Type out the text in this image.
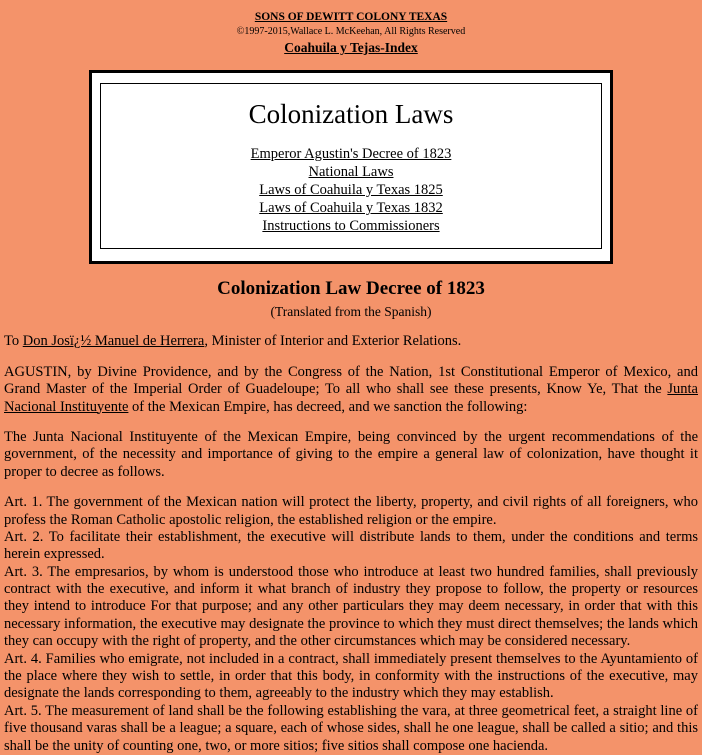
SONS OF DEWITT COLONY TEXAS
©1997-2015,Wallace L. McKeehan, All Rights Reserved
Coahuila y Tejas-Index
Colonization Laws
Emperor Agustin's Decree of 1823
National Laws
Laws of Coahuila y Texas 1825
Laws of Coahuila y Texas 1832
Instructions to Commissioners
Colonization Law Decree of 1823
(Translated from the Spanish)

To Don Josï¿½ Manuel de Herrera, Minister of Interior and Exterior Relations.

AGUSTIN, by Divine Providence, and by the Congress of the Nation, 1st Constitutional Emperor of Mexico, and Grand Master of the Imperial Order of Guadeloupe; To all who shall see these presents, Know Ye, That the Junta Nacional Instituyente of the Mexican Empire, has decreed, and we sanction the following:

The Junta Nacional Instituyente of the Mexican Empire, being convinced by the urgent recommendations of the government, of the necessity and importance of giving to the empire a general law of colonization, have thought it proper to decree as follows.

Art. 1. The government of the Mexican nation will protect the liberty, property, and civil rights of all foreigners, who profess the Roman Catholic apostolic religion, the established religion or the empire.

Art. 2. To facilitate their establishment, the executive will distribute lands to them, under the conditions and terms herein expressed.

Art. 3. The empresarios, by whom is understood those who introduce at least two hundred families, shall previously contract with the executive, and inform it what branch of industry they propose to follow, the property or resources they intend to introduce For that purpose; and any other particulars they may deem necessary, in order that with this necessary information, the executive may designate the province to which they must direct themselves; the lands which they can occupy with the right of property, and the other circumstances which may be considered necessary.

Art. 4. Families who emigrate, not included in a contract, shall immediately present themselves to the Ayuntamiento of the place where they wish to settle, in order that this body, in conformity with the instructions of the executive, may designate the lands corresponding to them, agreeably to the industry which they may establish.

Art. 5. The measurement of land shall be the following establishing the vara, at three geometrical feet, a straight line of five thousand varas shall be a league; a square, each of whose sides, shall he one league, shall be called a sitio; and this shall be the unity of counting one, two, or more sitios; five sitios shall compose one hacienda.
